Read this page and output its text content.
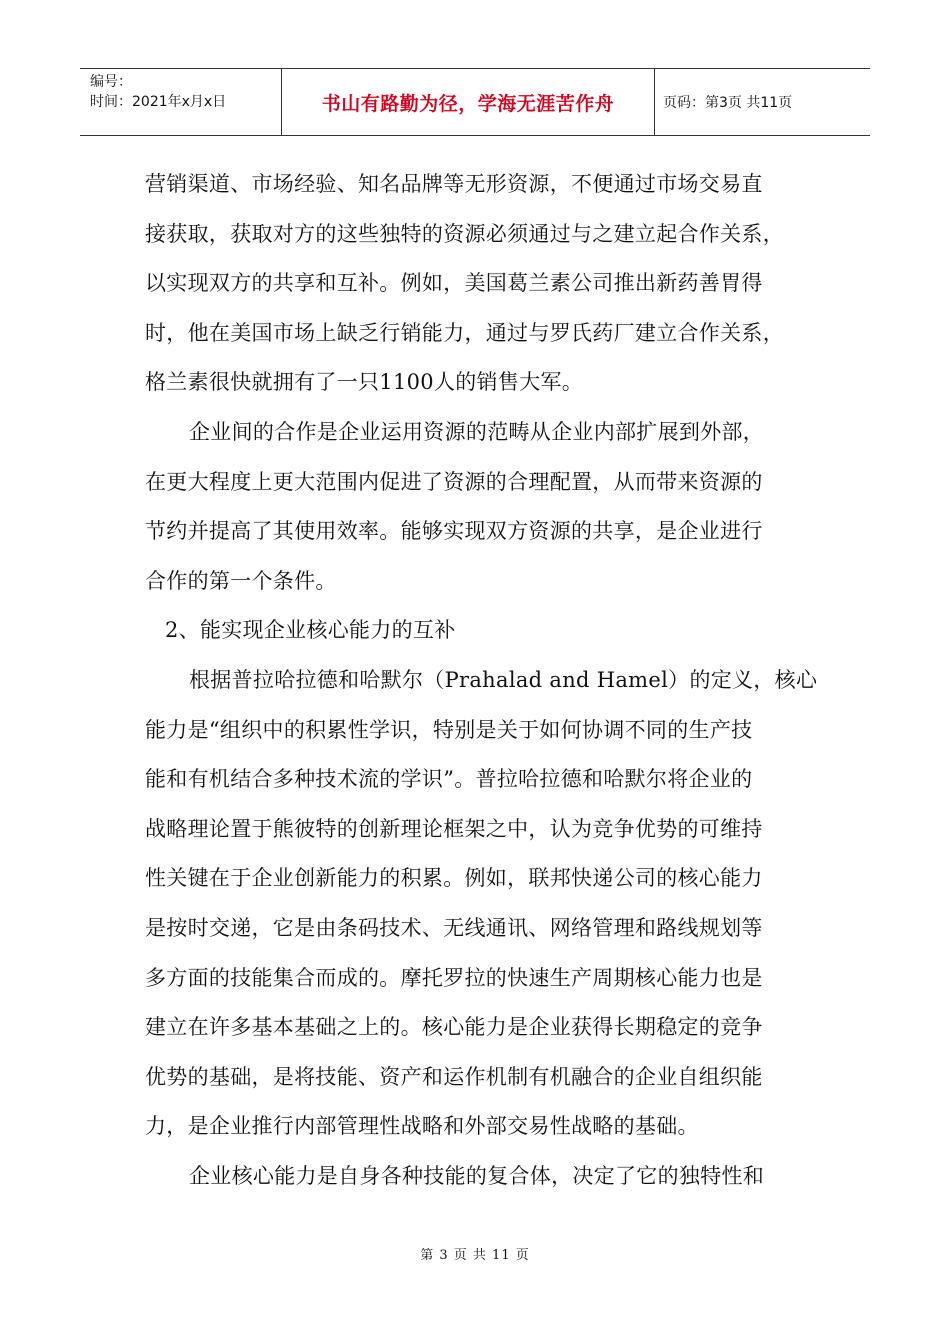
编号：
时间：2021年x月x日	书山有路勤为径，学海无涯苦作舟	页码：第3页 共11页

营销渠道、市场经验、知名品牌等无形资源，不便通过市场交易直

接获取，获取对方的这些独特的资源必须通过与之建立起合作关系，

以实现双方的共享和互补。例如，美国葛兰素公司推出新药善胃得

时，他在美国市场上缺乏行销能力，通过与罗氏药厂建立合作关系，

格兰素很快就拥有了一只1100人的销售大军。

企业间的合作是企业运用资源的范畴从企业内部扩展到外部，

在更大程度上更大范围内促进了资源的合理配置，从而带来资源的

节约并提高了其使用效率。能够实现双方资源的共享，是企业进行

合作的第一个条件。

2、能实现企业核心能力的互补

根据普拉哈拉德和哈默尔（Prahalad and Hamel）的定义，核心

能力是“组织中的积累性学识，特别是关于如何协调不同的生产技

能和有机结合多种技术流的学识”。普拉哈拉德和哈默尔将企业的

战略理论置于熊彼特的创新理论框架之中，认为竞争优势的可维持

性关键在于企业创新能力的积累。例如，联邦快递公司的核心能力

是按时交递，它是由条码技术、无线通讯、网络管理和路线规划等

多方面的技能集合而成的。摩托罗拉的快速生产周期核心能力也是

建立在许多基本基础之上的。核心能力是企业获得长期稳定的竞争

优势的基础，是将技能、资产和运作机制有机融合的企业自组织能

力，是企业推行内部管理性战略和外部交易性战略的基础。

企业核心能力是自身各种技能的复合体，决定了它的独特性和

第 3 页 共 11 页
